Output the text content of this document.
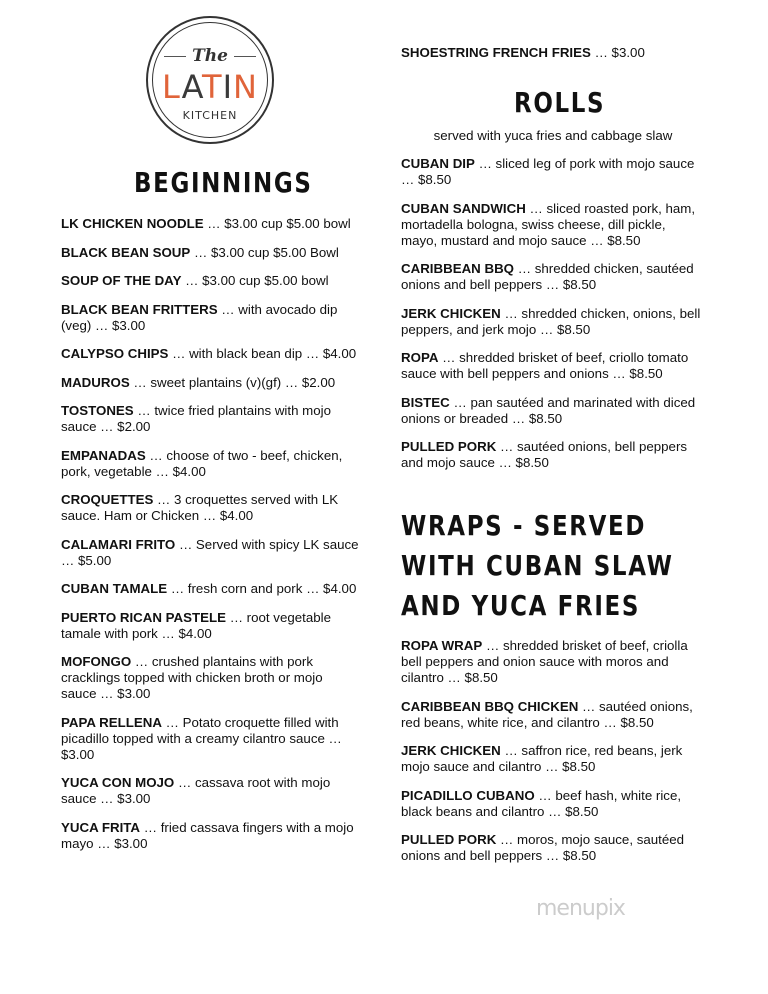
The
LATIN
KITCHEN
BEGINNINGS
LK CHICKEN NOODLE … $3.00 cup $5.00 bowl
BLACK BEAN SOUP … $3.00 cup $5.00 Bowl
SOUP OF THE DAY … $3.00 cup $5.00 bowl
BLACK BEAN FRITTERS … with avocado dip (veg) … $3.00
CALYPSO CHIPS … with black bean dip … $4.00
MADUROS … sweet plantains (v)(gf) … $2.00
TOSTONES … twice fried plantains with mojo sauce … $2.00
EMPANADAS … choose of two - beef, chicken, pork, vegetable … $4.00
CROQUETTES … 3 croquettes served with LK sauce. Ham or Chicken … $4.00
CALAMARI FRITO … Served with spicy LK sauce … $5.00
CUBAN TAMALE … fresh corn and pork … $4.00
PUERTO RICAN PASTELE … root vegetable tamale with pork … $4.00
MOFONGO … crushed plantains with pork cracklings topped with chicken broth or mojo sauce … $3.00
PAPA RELLENA … Potato croquette filled with picadillo topped with a creamy cilantro sauce … $3.00
YUCA CON MOJO … cassava root with mojo sauce … $3.00
YUCA FRITA … fried cassava fingers with a mojo mayo … $3.00
SHOESTRING FRENCH FRIES … $3.00
ROLLS
served with yuca fries and cabbage slaw
CUBAN DIP … sliced leg of pork with mojo sauce … $8.50
CUBAN SANDWICH … sliced roasted pork, ham, mortadella bologna, swiss cheese, dill pickle, mayo, mustard and mojo sauce … $8.50
CARIBBEAN BBQ … shredded chicken, sautéed onions and bell peppers … $8.50
JERK CHICKEN … shredded chicken, onions, bell peppers, and jerk mojo … $8.50
ROPA … shredded brisket of beef, criollo tomato sauce with bell peppers and onions … $8.50
BISTEC … pan sautéed and marinated with diced onions or breaded … $8.50
PULLED PORK … sautéed onions, bell peppers and mojo sauce … $8.50
WRAPS - SERVED WITH CUBAN SLAW AND YUCA FRIES
ROPA WRAP … shredded brisket of beef, criolla bell peppers and onion sauce with moros and cilantro … $8.50
CARIBBEAN BBQ CHICKEN … sautéed onions, red beans, white rice, and cilantro … $8.50
JERK CHICKEN … saffron rice, red beans, jerk mojo sauce and cilantro … $8.50
PICADILLO CUBANO … beef hash, white rice, black beans and cilantro … $8.50
PULLED PORK … moros, mojo sauce, sautéed onions and bell peppers … $8.50
menupix
